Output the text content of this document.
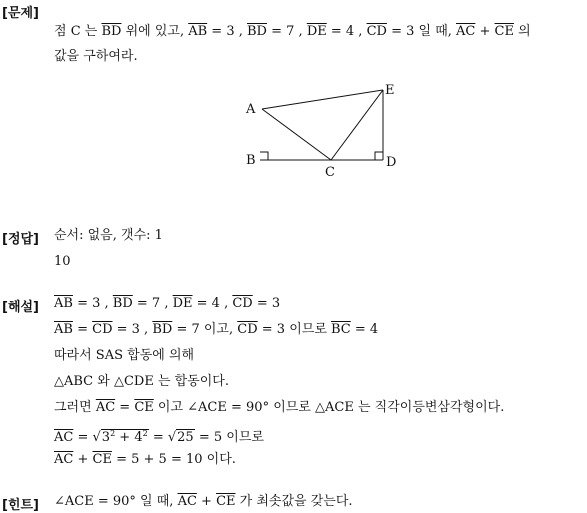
[문제]
점 C 는 $\overline{BD}$ 위에 있고, $\overline{AB} = 3$ , $\overline{BD} = 7$ , $\overline{DE} = 4$ , $\overline{CD} = 3$ 일 때, $\overline{AC} + \overline{CE}$ 의
값을 구하여라.
A
B
C
D
E
[정답] 순서: 없음, 갯수: 1
10
[해설] $\overline{AB} = 3$ , $\overline{BD} = 7$ , $\overline{DE} = 4$ , $\overline{CD} = 3$
$\overline{AB} = \overline{CD} = 3$ , $\overline{BD} = 7$ 이고, $\overline{CD} = 3$ 이므로 $\overline{BC} = 4$
따라서 SAS 합동에 의해
△ABC 와 △CDE 는 합동이다.
그러면 $\overline{AC} = \overline{CE}$ 이고 ∠ACE = 90° 이므로 △ACE 는 직각이등변삼각형이다.
$\overline{AC} = √3^2 + 4^2 = √25 = 5$ 이므로
$\overline{AC} + \overline{CE} = 5 + 5 = 10$ 이다.
[힌트] ∠ACE = 90° 일 때, $\overline{AC} + \overline{CE}$ 가 최솟값을 갖는다.
